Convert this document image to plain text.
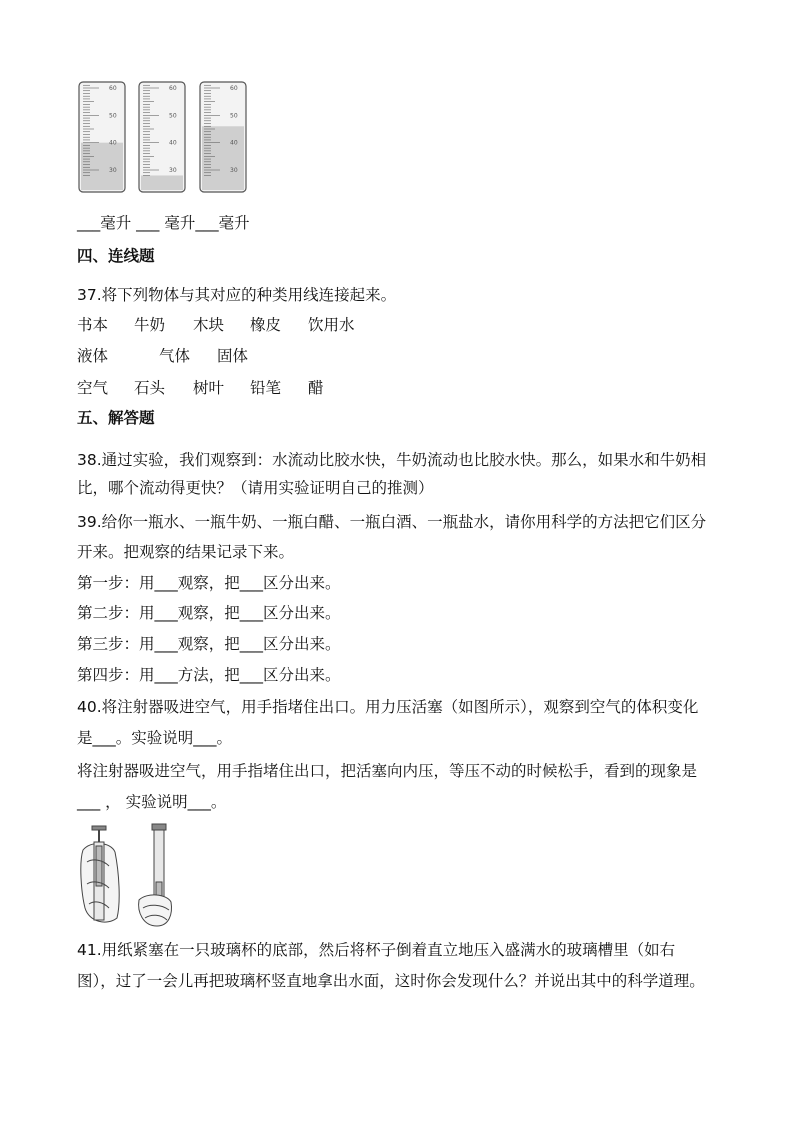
60
50
40
30
60
50
40
30
60
50
40
30
___毫升 ___ 毫升___毫升
四、连线题
37.将下列物体与其对应的种类用线连接起来。
书本 牛奶 木块 橡皮 饮用水
液体	气体 固体
空气 石头 树叶 铅笔 醋
五、解答题
38.通过实验，我们观察到：水流动比胶水快，牛奶流动也比胶水快。那么，如果水和牛奶相
比，哪个流动得更快？（请用实验证明自己的推测）
39.给你一瓶水、一瓶牛奶、一瓶白醋、一瓶白酒、一瓶盐水，请你用科学的方法把它们区分
开来。把观察的结果记录下来。
第一步：用___观察，把___区分出来。
第二步：用___观察，把___区分出来。
第三步：用___观察，把___区分出来。
第四步：用___方法，把___区分出来。
40.将注射器吸进空气，用手指堵住出口。用力压活塞（如图所示），观察到空气的体积变化
是___。实验说明___。
将注射器吸进空气，用手指堵住出口，把活塞向内压，等压不动的时候松手，看到的现象是
___ ， 实验说明___。
41.用纸紧塞在一只玻璃杯的底部，然后将杯子倒着直立地压入盛满水的玻璃槽里（如右
图），过了一会儿再把玻璃杯竖直地拿出水面，这时你会发现什么？并说出其中的科学道理。
